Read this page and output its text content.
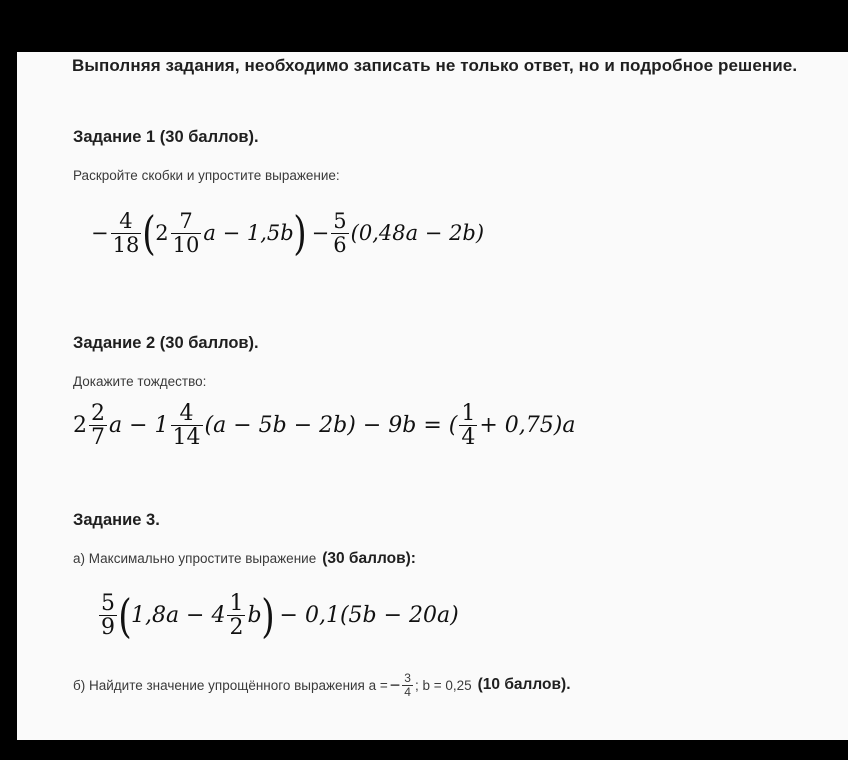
Выполняя задания, необходимо записать не только ответ, но и подробное решение.
Задание 1 (30 баллов).
Раскройте скобки и упростите выражение:
− $\frac{4}{18}$ ( $2 \frac{7}{10}$ a − 1,5b ) − $\frac{5}{6} (0,48a - 2b)$
Задание 2 (30 баллов).
Докажите тождество:
$2 \frac{2}{7}$ $a - 1 \frac{4}{14} (a - 5b - 2b) - 9b$ = ( $\frac{1}{4} + 0,75)a$
Задание 3.
а) Максимально упростите выражение (30 баллов):
$\frac{5}{9}$ ( $1,8a - 4 \frac{1}{2}$ b ) − 0,1(5b − 20a)
б) Найдите значение упрощённого выражения a = − $\frac{3}{4}$ ; b = 0,25 (10 баллов).
